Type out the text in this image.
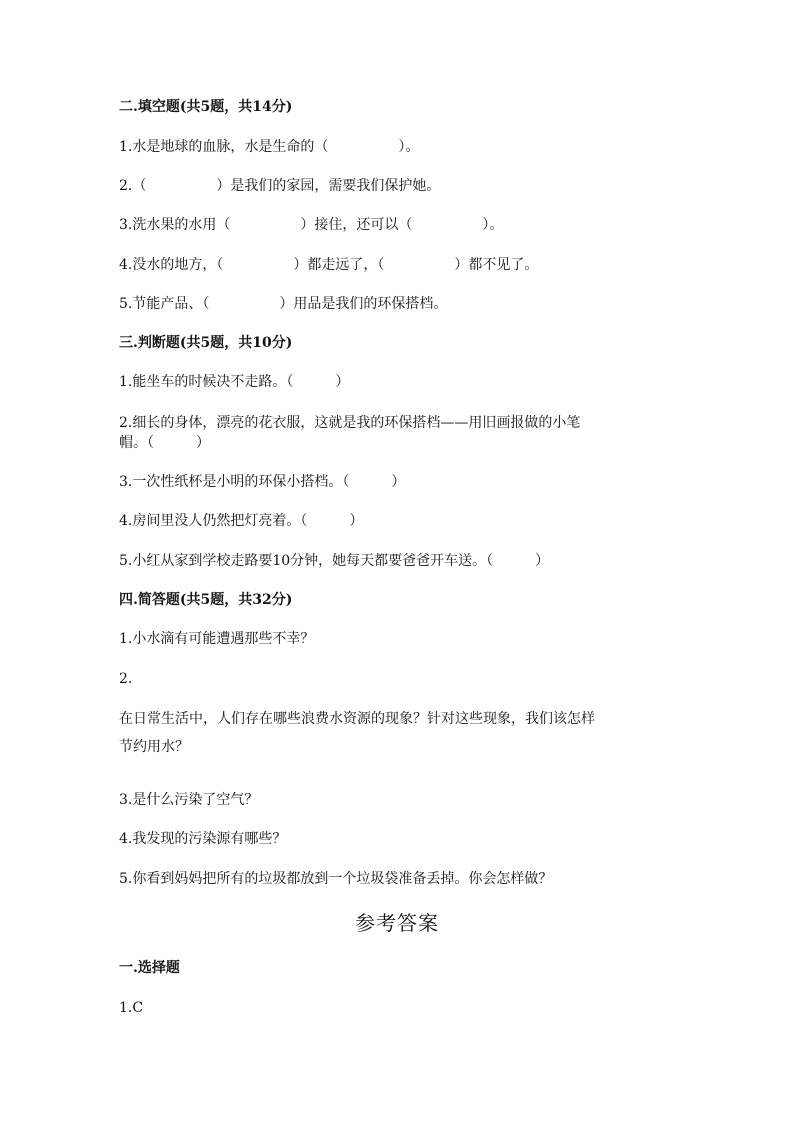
二.填空题(共5题，共14分)
1.水是地球的血脉，水是生命的（　　　　　）。
2.（　　　　　）是我们的家园，需要我们保护她。
3.洗水果的水用（　　　　　）接住，还可以（　　　　　）。
4.没水的地方，（　　　　　）都走远了，（　　　　　）都不见了。
5.节能产品、（　　　　　）用品是我们的环保搭档。
三.判断题(共5题，共10分)
1.能坐车的时候决不走路。（　　　）
2.细长的身体，漂亮的花衣服，这就是我的环保搭档——用旧画报做的小笔
帽。（　　　）
3.一次性纸杯是小明的环保小搭档。（　　　）
4.房间里没人仍然把灯亮着。（　　　）
5.小红从家到学校走路要10分钟，她每天都要爸爸开车送。（　　　）
四.简答题(共5题，共32分)
1.小水滴有可能遭遇那些不幸？
2.
在日常生活中，人们存在哪些浪费水资源的现象？针对这些现象，我们该怎样
节约用水？
3.是什么污染了空气？
4.我发现的污染源有哪些？
5.你看到妈妈把所有的垃圾都放到一个垃圾袋准备丢掉。你会怎样做？
参考答案
一.选择题
1.C
